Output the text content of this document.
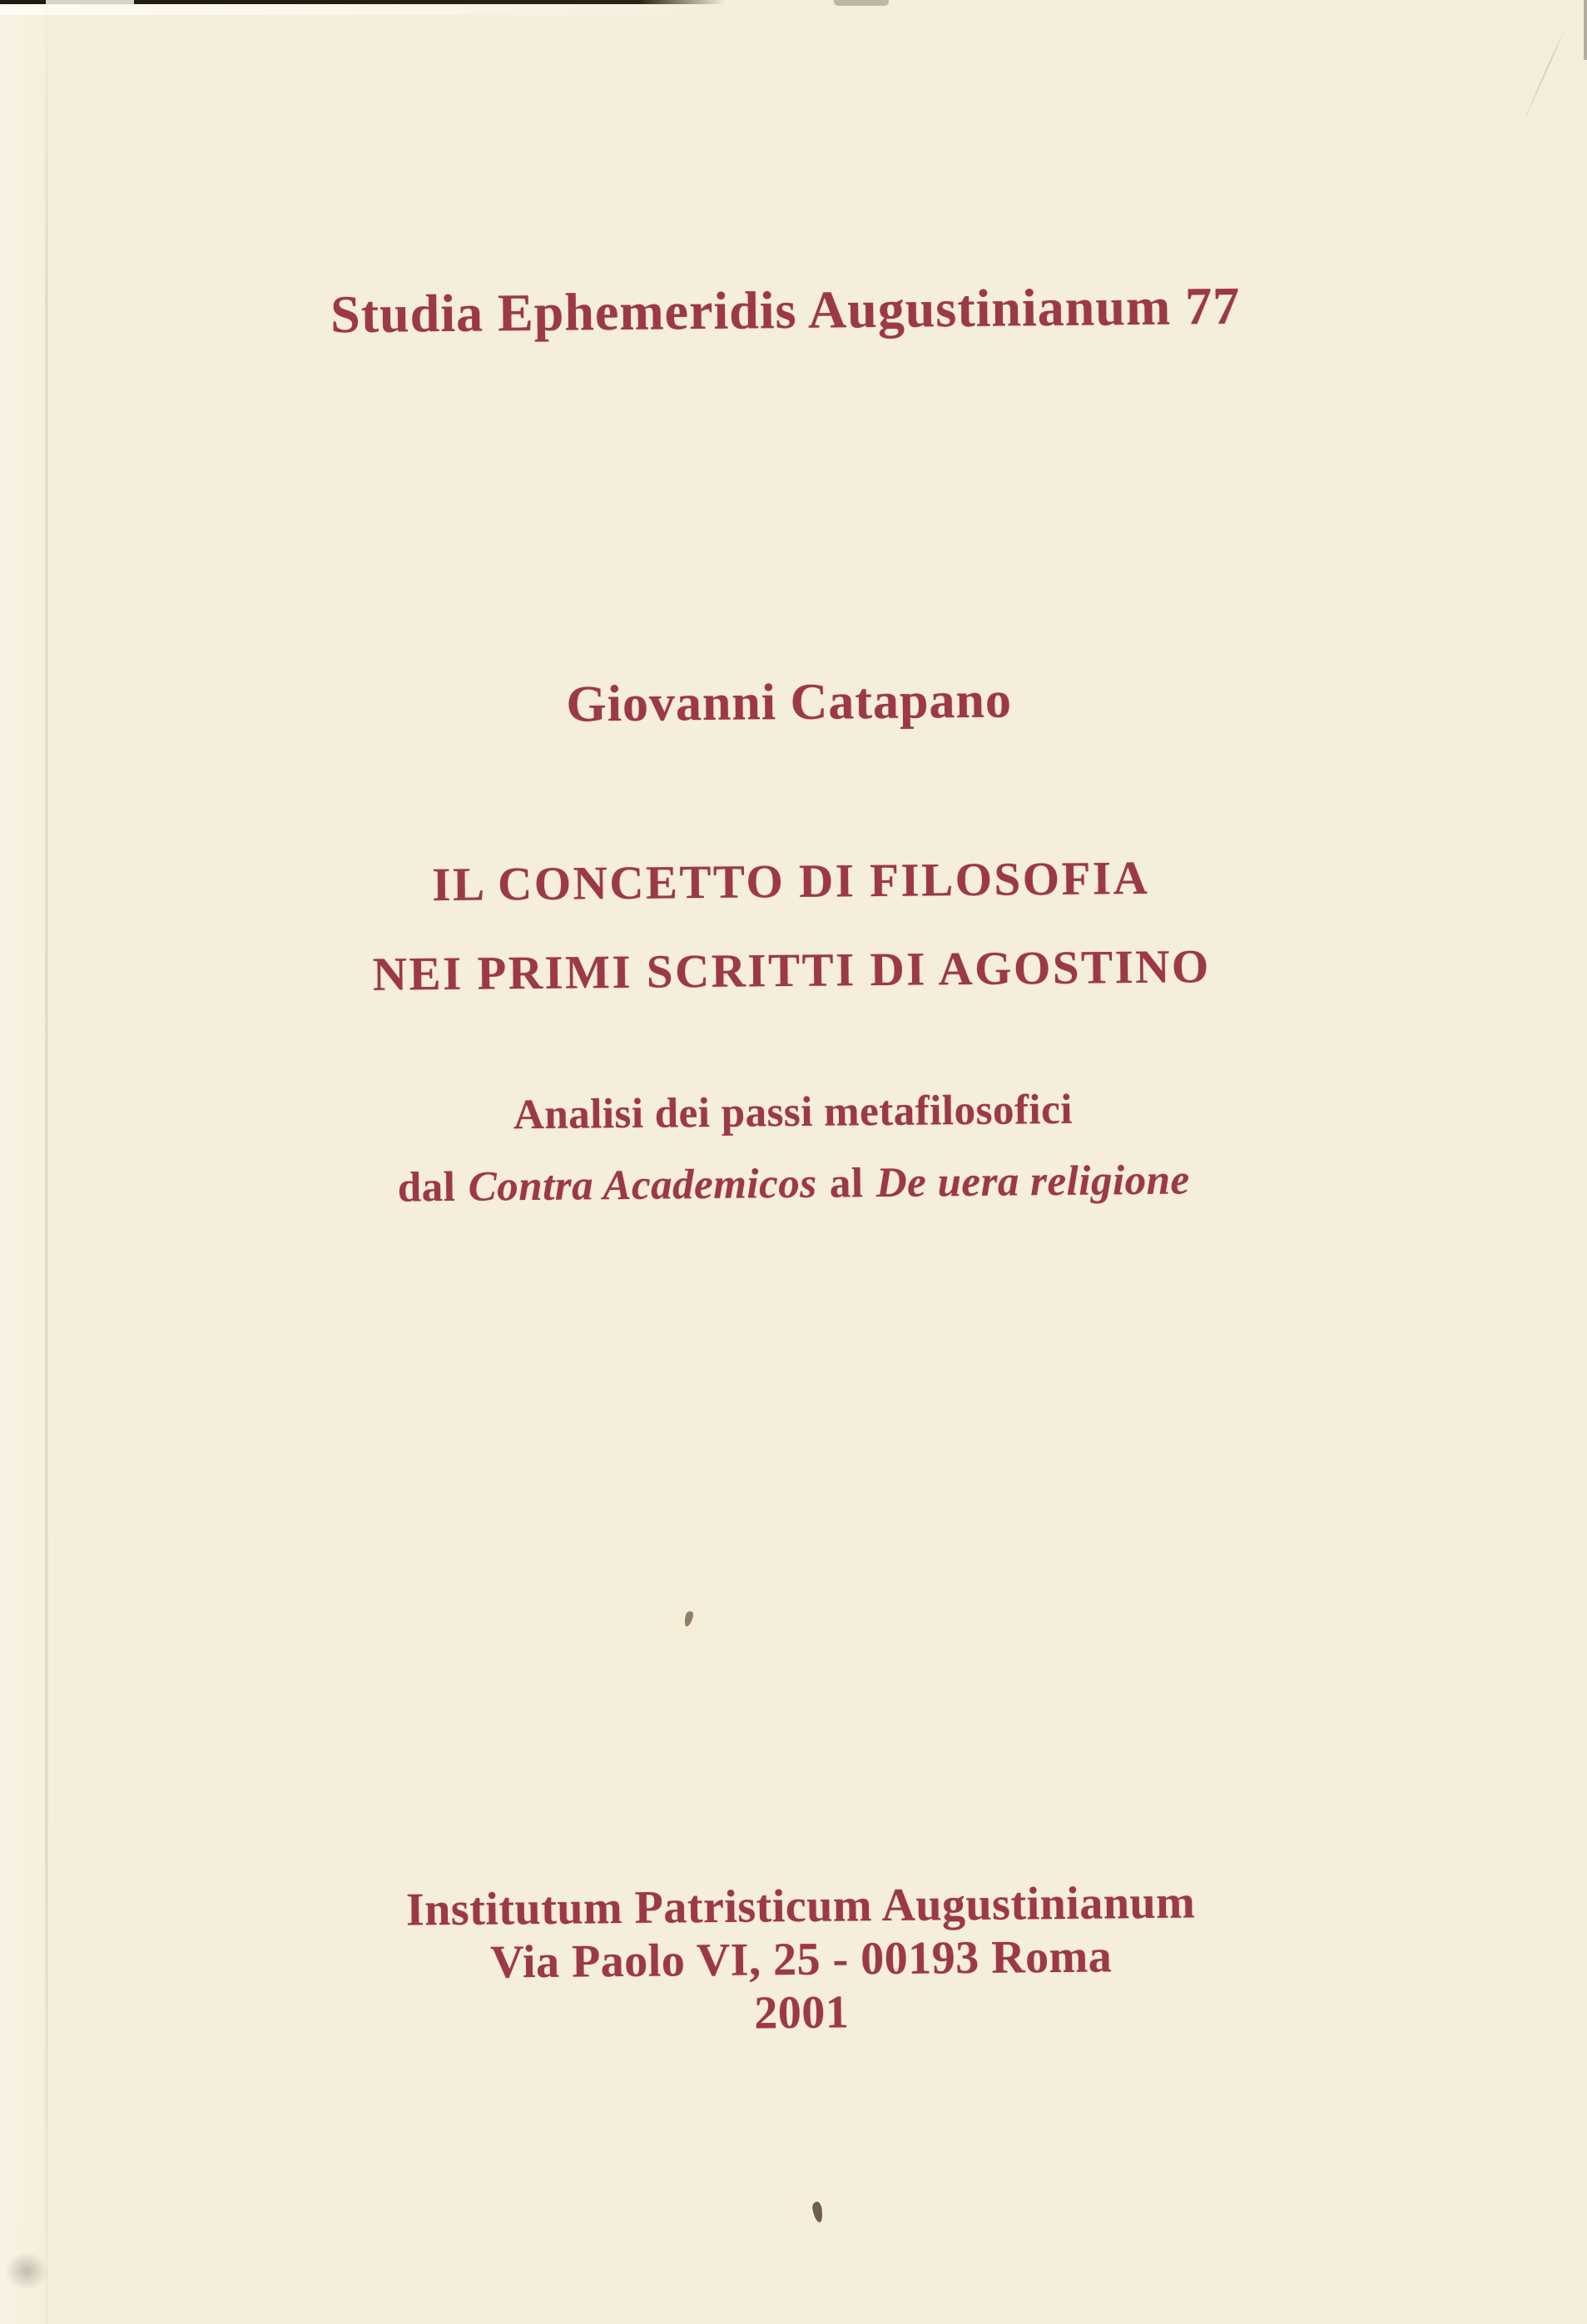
Studia Ephemeridis Augustinianum 77
Giovanni Catapano
IL CONCETTO DI FILOSOFIA
NEI PRIMI SCRITTI DI AGOSTINO
Analisi dei passi metafilosofici
dal Contra Academicos al De uera religione
Institutum Patristicum Augustinianum
Via Paolo VI, 25 - 00193 Roma
2001
